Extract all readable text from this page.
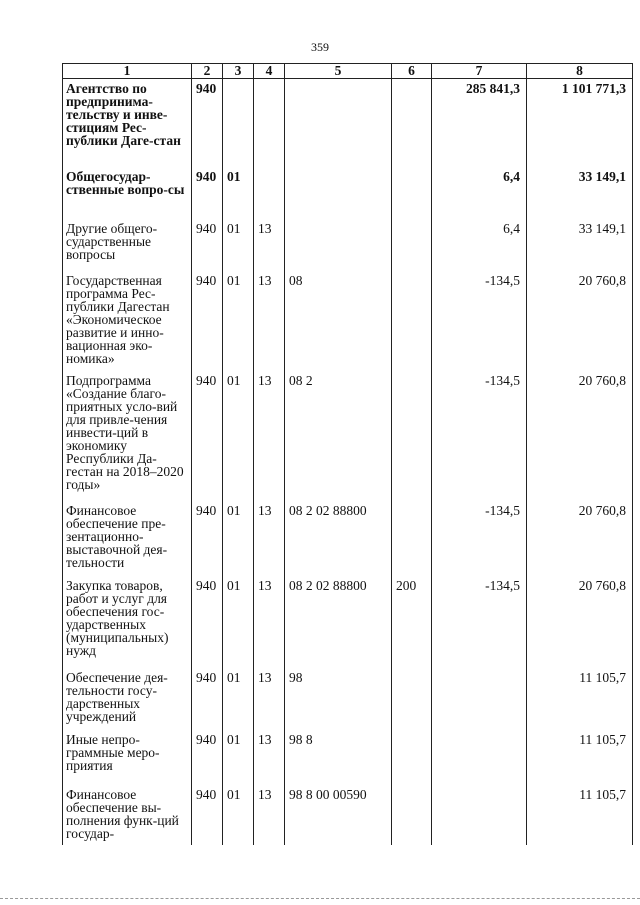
359
1	2	3	4	5	6	7	8
Агентство по предпринима-тельству и инве-стициям Рес-публики Даге-стан	940					285 841,3	1 101 771,3
Общегосудар-ственные вопро-сы	940	01				6,4	33 149,1
Другие общего-сударственные вопросы	940	01	13			6,4	33 149,1
Государственная программа Рес-публики Дагестан «Экономическое развитие и инно-вационная эко-номика»	940	01	13	08		-134,5	20 760,8
Подпрограмма «Создание благо-приятных усло-вий для привле-чения инвести-ций в экономику Республики Да-гестан на 2018–2020 годы»	940	01	13	08 2		-134,5	20 760,8
Финансовое обеспечение пре-зентационно-выставочной дея-тельности	940	01	13	08 2 02 88800		-134,5	20 760,8
Закупка товаров, работ и услуг для обеспечения гос-ударственных (муниципальных) нужд	940	01	13	08 2 02 88800	200	-134,5	20 760,8
Обеспечение дея-тельности госу-дарственных учреждений	940	01	13	98			11 105,7
Иные непро-граммные меро-приятия	940	01	13	98 8			11 105,7
Финансовое обеспечение вы-полнения функ-ций государ-	940	01	13	98 8 00 00590			11 105,7
